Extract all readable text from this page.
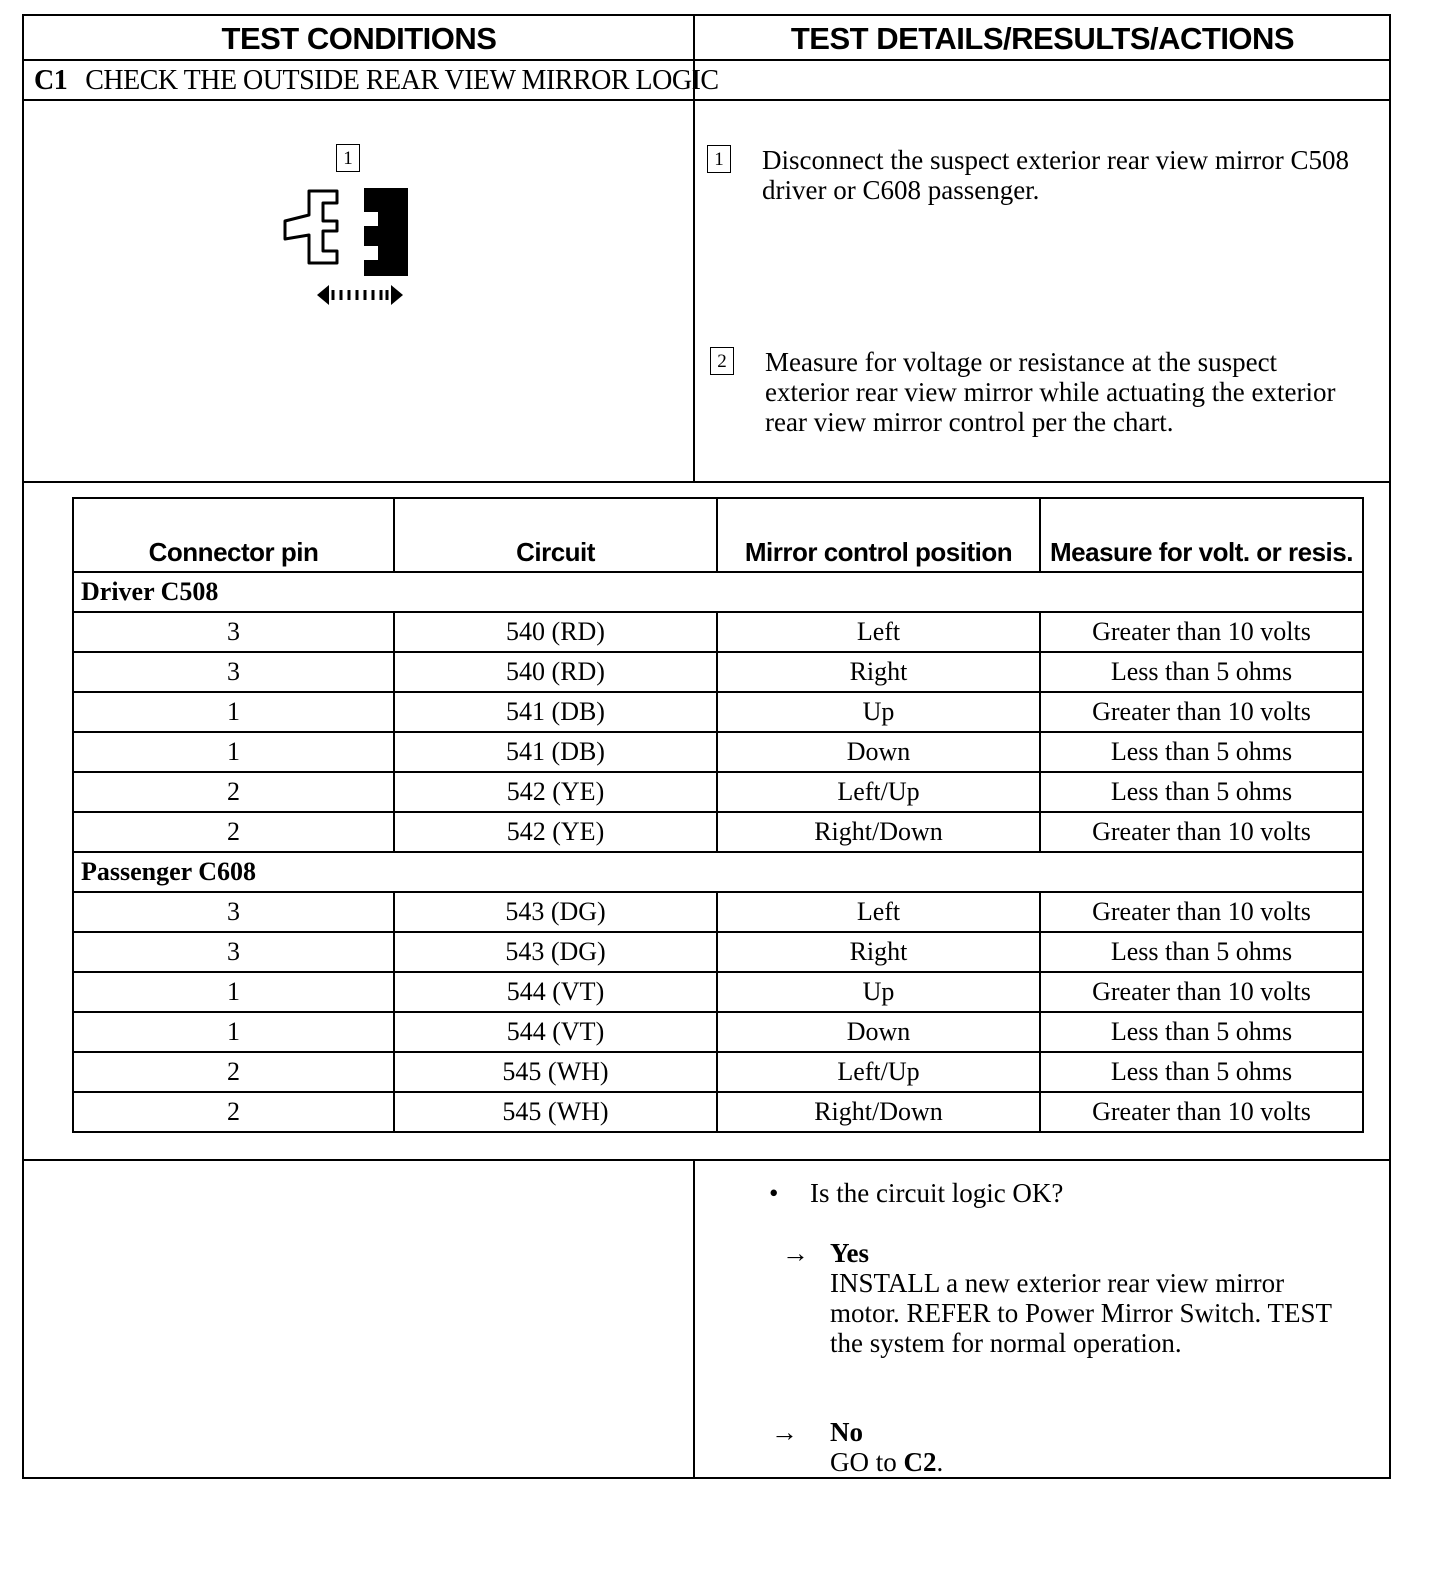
TEST CONDITIONS	TEST DETAILS/RESULTS/ACTIONS
C1 CHECK THE OUTSIDE REAR VIEW MIRROR LOGIC
1	1 Disconnect the suspect exterior rear view mirror C508 driver or C608 passenger.
2 Measure for voltage or resistance at the suspect exterior rear view mirror while actuating the exterior rear view mirror control per the chart.
Connector pin	Circuit	Mirror control position	Measure for volt. or resis.
Driver C508			
3	540 (RD)	Left	Greater than 10 volts
3	540 (RD)	Right	Less than 5 ohms
1	541 (DB)	Up	Greater than 10 volts
1	541 (DB)	Down	Less than 5 ohms
2	542 (YE)	Left/Up	Less than 5 ohms
2	542 (YE)	Right/Down	Greater than 10 volts
Passenger C608			
3	543 (DG)	Left	Greater than 10 volts
3	543 (DG)	Right	Less than 5 ohms
1	544 (VT)	Up	Greater than 10 volts
1	544 (VT)	Down	Less than 5 ohms
2	545 (WH)	Left/Up	Less than 5 ohms
2	545 (WH)	Right/Down	Greater than 10 volts
• Is the circuit logic OK?
→ Yes
INSTALL a new exterior rear view mirror motor. REFER to Power Mirror Switch. TEST the system for normal operation.
→ No
GO to C2.
